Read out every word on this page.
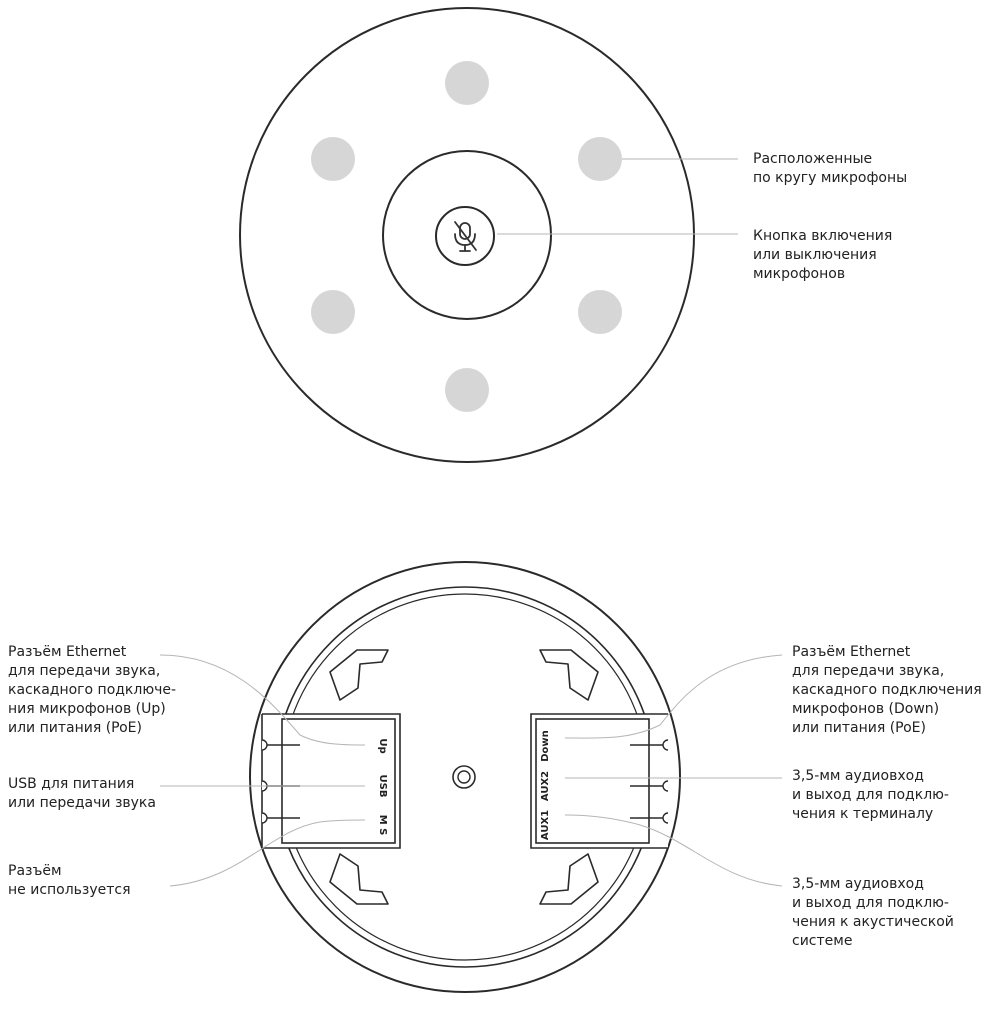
Up
USB
M S
Down
AUX2
AUX1
Расположенные
по кругу микрофоны
Кнопка включения
или выключения
микрофонов
Разъём Ethernet
для передачи звука,
каскадного подключе-
ния микрофонов (Up)
или питания (PoE)
USB для питания
или передачи звука
Разъём
не используется
Разъём Ethernet
для передачи звука,
каскадного подключения
микрофонов (Down)
или питания (PoE)
3,5-мм аудиовход
и выход для подклю-
чения к терминалу
3,5-мм аудиовход
и выход для подклю-
чения к акустической
системе
